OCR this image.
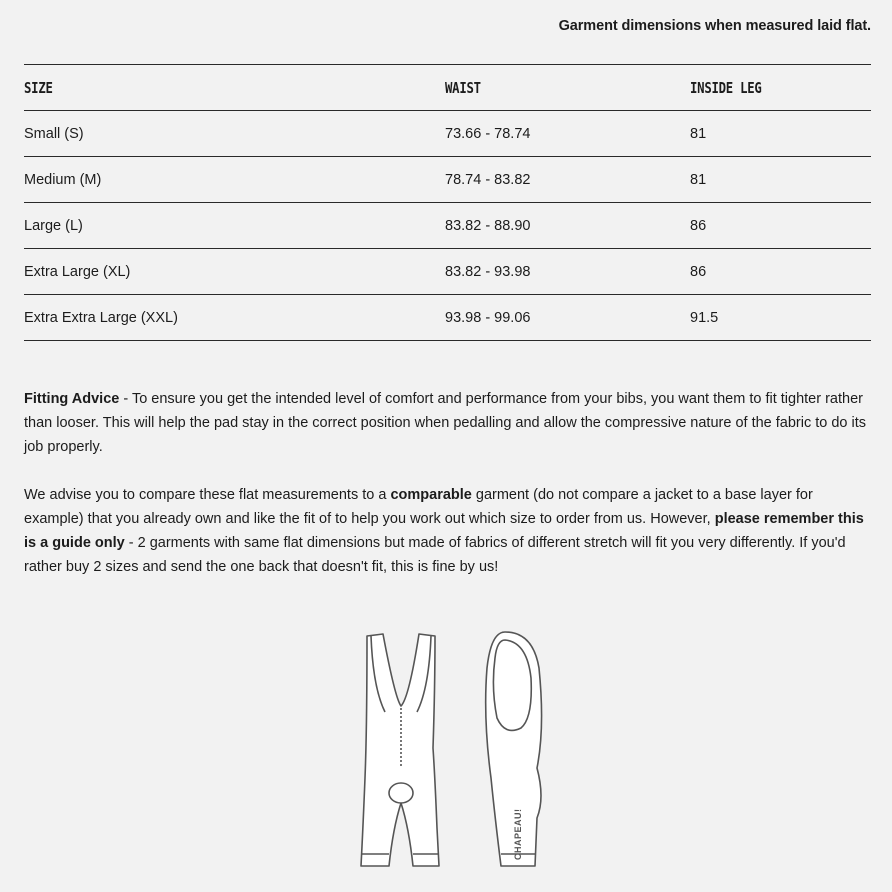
Garment dimensions when measured laid flat.
SIZE	WAIST	INSIDE LEG
Small (S)	73.66 - 78.74	81
Medium (M)	78.74 - 83.82	81
Large (L)	83.82 - 88.90	86
Extra Large (XL)	83.82 - 93.98	86
Extra Extra Large (XXL)	93.98 - 99.06	91.5

Fitting Advice - To ensure you get the intended level of comfort and performance from your bibs, you want them to fit tighter rather than looser. This will help the pad stay in the correct position when pedalling and allow the compressive nature of the fabric to do its job properly.

We advise you to compare these flat measurements to a comparable garment (do not compare a jacket to a base layer for example) that you already own and like the fit of to help you work out which size to order from us. However, please remember this is a guide only - 2 garments with same flat dimensions but made of fabrics of different stretch will fit you very differently. If you'd rather buy 2 sizes and send the one back that doesn't fit, this is fine by us!

CHAPEAU!
